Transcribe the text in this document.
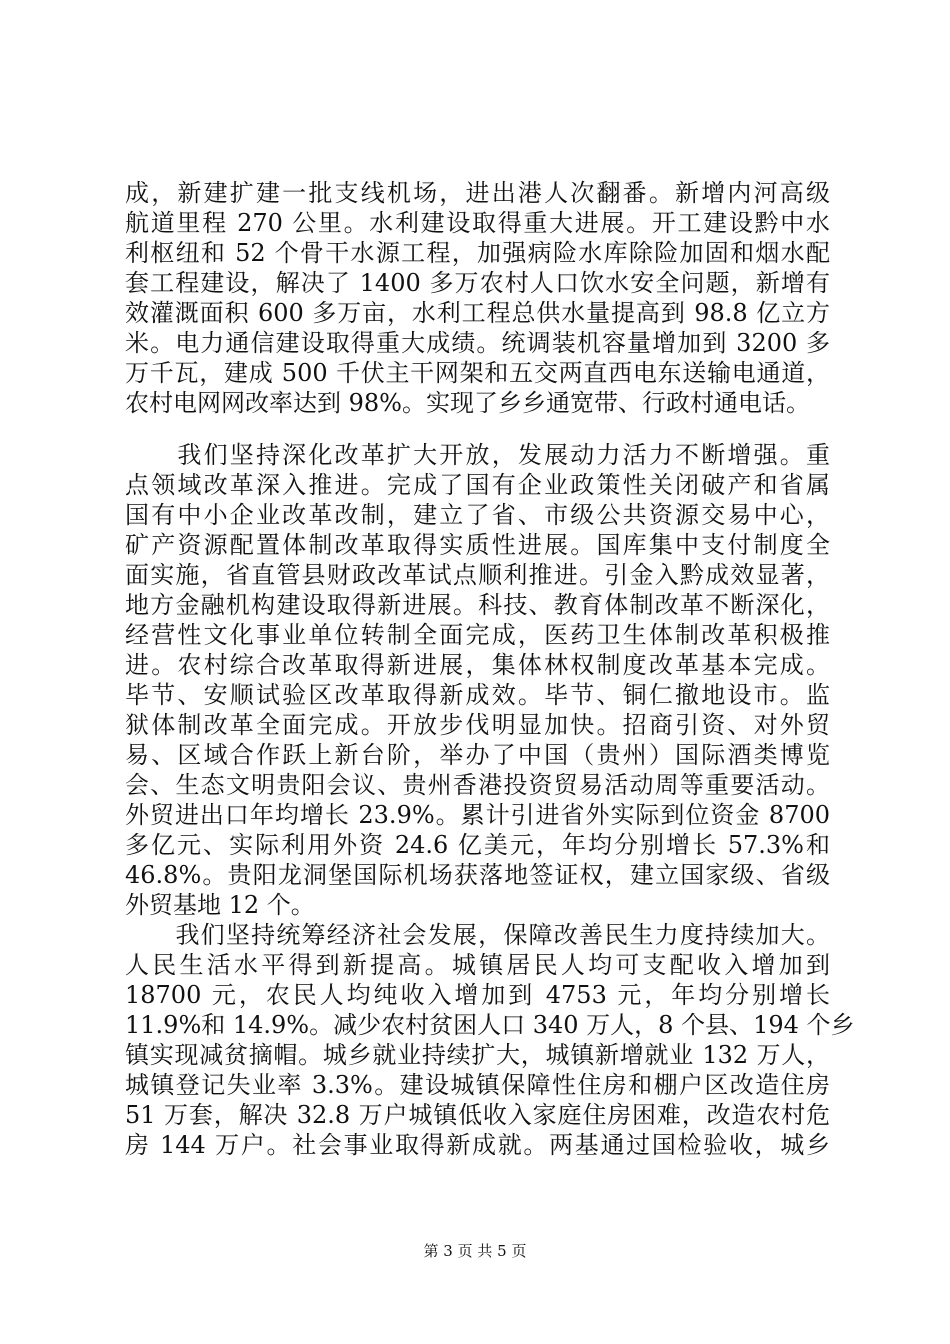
成，新建扩建一批支线机场，进出港人次翻番。新增内河高级
航道里程 270 公里。水利建设取得重大进展。开工建设黔中水
利枢纽和 52 个骨干水源工程，加强病险水库除险加固和烟水配
套工程建设，解决了 1400 多万农村人口饮水安全问题，新增有
效灌溉面积 600 多万亩，水利工程总供水量提高到 98.8 亿立方
米。电力通信建设取得重大成绩。统调装机容量增加到 3200 多
万千瓦，建成 500 千伏主干网架和五交两直西电东送输电通道，
农村电网网改率达到 98%。实现了乡乡通宽带、行政村通电话。
　　我们坚持深化改革扩大开放，发展动力活力不断增强。重
点领域改革深入推进。完成了国有企业政策性关闭破产和省属
国有中小企业改革改制，建立了省、市级公共资源交易中心，
矿产资源配置体制改革取得实质性进展。国库集中支付制度全
面实施，省直管县财政改革试点顺利推进。引金入黔成效显著，
地方金融机构建设取得新进展。科技、教育体制改革不断深化，
经营性文化事业单位转制全面完成，医药卫生体制改革积极推
进。农村综合改革取得新进展，集体林权制度改革基本完成。
毕节、安顺试验区改革取得新成效。毕节、铜仁撤地设市。监
狱体制改革全面完成。开放步伐明显加快。招商引资、对外贸
易、区域合作跃上新台阶，举办了中国（贵州）国际酒类博览
会、生态文明贵阳会议、贵州香港投资贸易活动周等重要活动。
外贸进出口年均增长 23.9%。累计引进省外实际到位资金 8700
多亿元、实际利用外资 24.6 亿美元，年均分别增长 57.3%和
46.8%。贵阳龙洞堡国际机场获落地签证权，建立国家级、省级
外贸基地 12 个。
　　我们坚持统筹经济社会发展，保障改善民生力度持续加大。
人民生活水平得到新提高。城镇居民人均可支配收入增加到
18700 元，农民人均纯收入增加到 4753 元，年均分别增长
11.9%和 14.9%。减少农村贫困人口 340 万人，8 个县、194 个乡
镇实现减贫摘帽。城乡就业持续扩大，城镇新增就业 132 万人，
城镇登记失业率 3.3%。建设城镇保障性住房和棚户区改造住房
51 万套，解决 32.8 万户城镇低收入家庭住房困难，改造农村危
房 144 万户。社会事业取得新成就。两基通过国检验收，城乡
第 3 页 共 5 页
